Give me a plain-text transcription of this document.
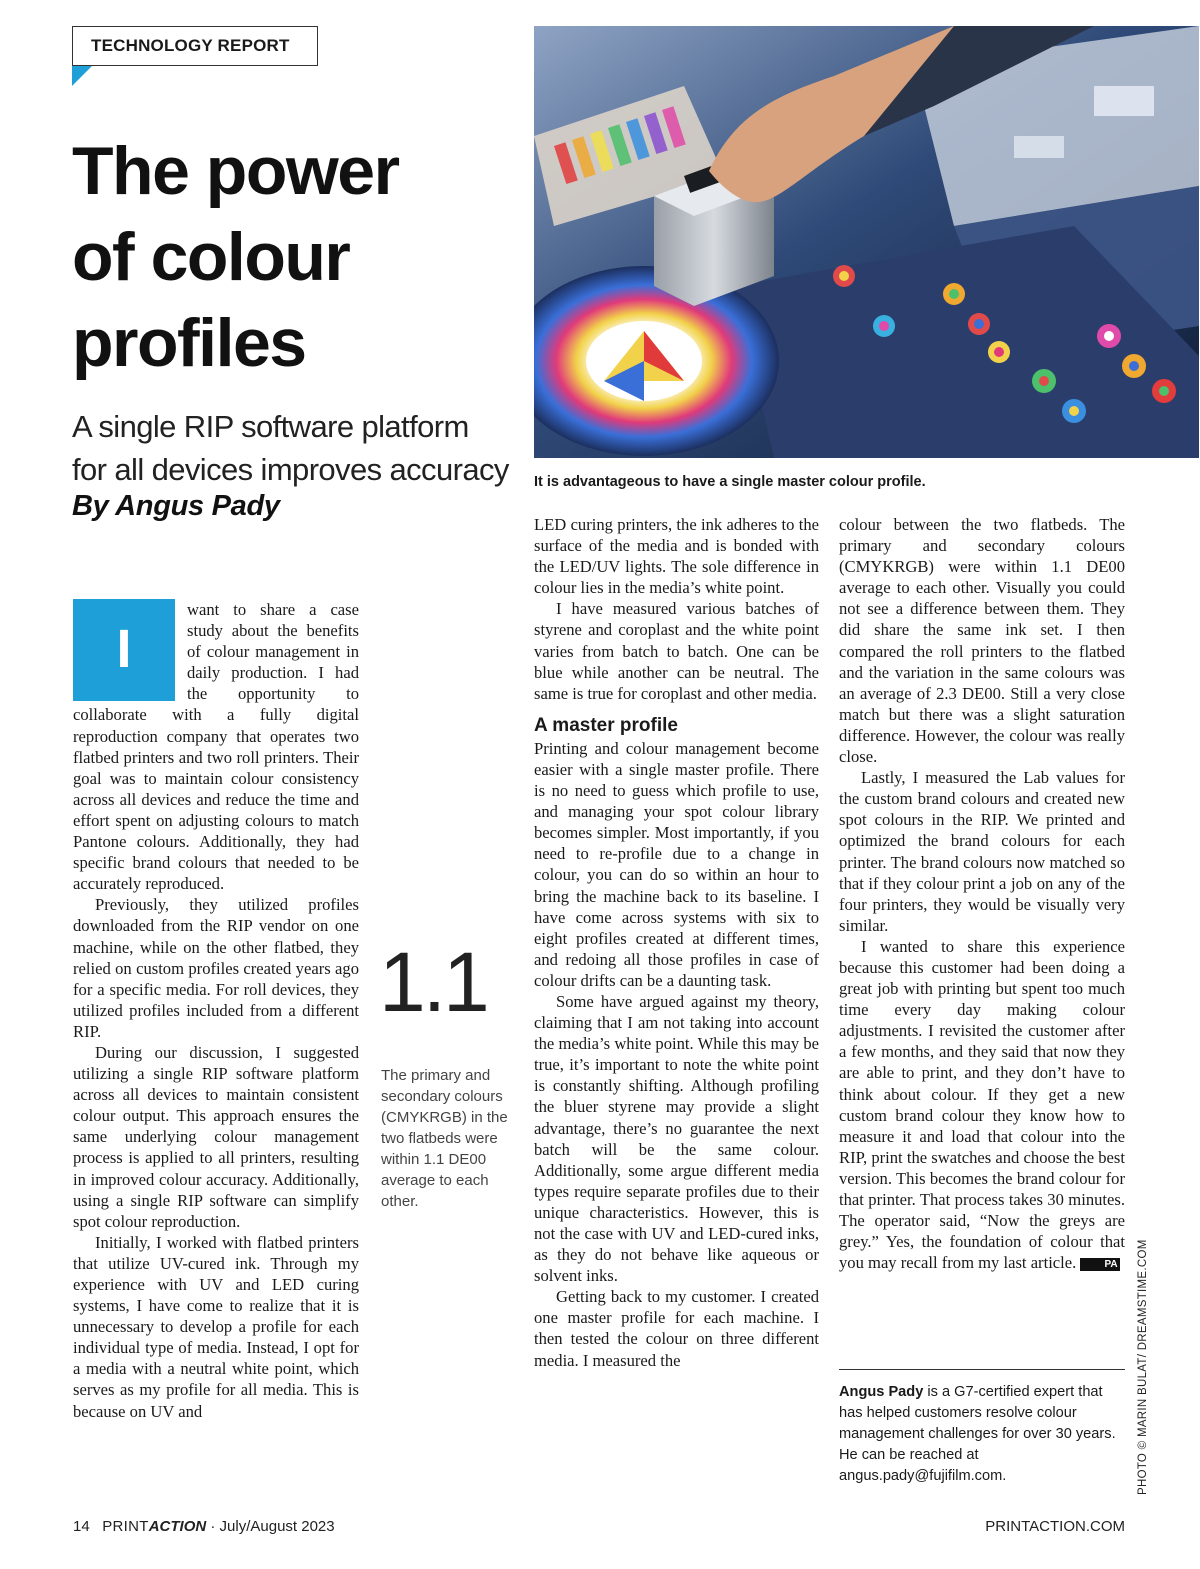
TECHNOLOGY REPORT
The power
of colour
profiles
A single RIP software platform
for all devices improves accuracy
By Angus Pady
It is advantageous to have a single master colour profile.

I
want to share a case study about the benefits of colour management in daily production. I had the opportunity to collaborate with a fully digital reproduction company that operates two flatbed printers and two roll printers. Their goal was to maintain colour consistency across all devices and reduce the time and effort spent on adjusting colours to match Pantone colours. Additionally, they had specific brand colours that needed to be accurately reproduced.

Previously, they utilized profiles downloaded from the RIP vendor on one machine, while on the other flatbed, they relied on custom profiles created years ago for a specific media. For roll devices, they utilized profiles included from a different RIP.

During our discussion, I suggested utilizing a single RIP software platform across all devices to maintain consistent colour output. This approach ensures the same underlying colour management process is applied to all printers, resulting in improved colour accuracy. Additionally, using a single RIP software can simplify spot colour reproduction.

Initially, I worked with flatbed printers that utilize UV-cured ink. Through my experience with UV and LED curing systems, I have come to realize that it is unnecessary to develop a profile for each individual type of media. Instead, I opt for a media with a neutral white point, which serves as my profile for all media. This is because on UV and

1.1
The primary and secondary colours (CMYKRGB) in the two flatbeds were within 1.1 DE00 average to each other.

LED curing printers, the ink adheres to the surface of the media and is bonded with the LED/UV lights. The sole difference in colour lies in the media’s white point.

I have measured various batches of styrene and coroplast and the white point varies from batch to batch. One can be blue while another can be neutral. The same is true for coroplast and other media.

A master profile

Printing and colour management become easier with a single master profile. There is no need to guess which profile to use, and managing your spot colour library becomes simpler. Most importantly, if you need to re-profile due to a change in colour, you can do so within an hour to bring the machine back to its baseline. I have come across systems with six to eight profiles created at different times, and redoing all those profiles in case of colour drifts can be a daunting task.

Some have argued against my theory, claiming that I am not taking into account the media’s white point. While this may be true, it’s important to note the white point is constantly shifting. Although profiling the bluer styrene may provide a slight advantage, there’s no guarantee the next batch will be the same colour. Additionally, some argue different media types require separate profiles due to their unique characteristics. However, this is not the case with UV and LED-cured inks, as they do not behave like aqueous or solvent inks.

Getting back to my customer. I created one master profile for each machine. I then tested the colour on three different media. I measured the

colour between the two flatbeds. The primary and secondary colours (CMYKRGB) were within 1.1 DE00 average to each other. Visually you could not see a difference between them. They did share the same ink set. I then compared the roll printers to the flatbed and the variation in the same colours was an average of 2.3 DE00. Still a very close match but there was a slight saturation difference. However, the colour was really close.

Lastly, I measured the Lab values for the custom brand colours and created new spot colours in the RIP. We printed and optimized the brand colours for each printer. The brand colours now matched so that if they colour print a job on any of the four printers, they would be visually very similar.

I wanted to share this experience because this customer had been doing a great job with printing but spent too much time every day making colour adjustments. I revisited the customer after a few months, and they said that now they are able to print, and they don’t have to think about colour. If they get a new custom brand colour they know how to measure it and load that colour into the RIP, print the swatches and choose the best version. This becomes the brand colour for that printer. That process takes 30 minutes. The operator said, “Now the greys are grey.” Yes, the foundation of colour that you may recall from my last article.	PA

Angus Pady is a G7-certified expert that has helped customers resolve colour management challenges for over 30 years. He can be reached at angus.pady@fujifilm.com.	PHOTO © MARIN BULAT/ DREAMSTIME.COM
14 PRINTACTION · July/August 2023	PRINTACTION.COM
